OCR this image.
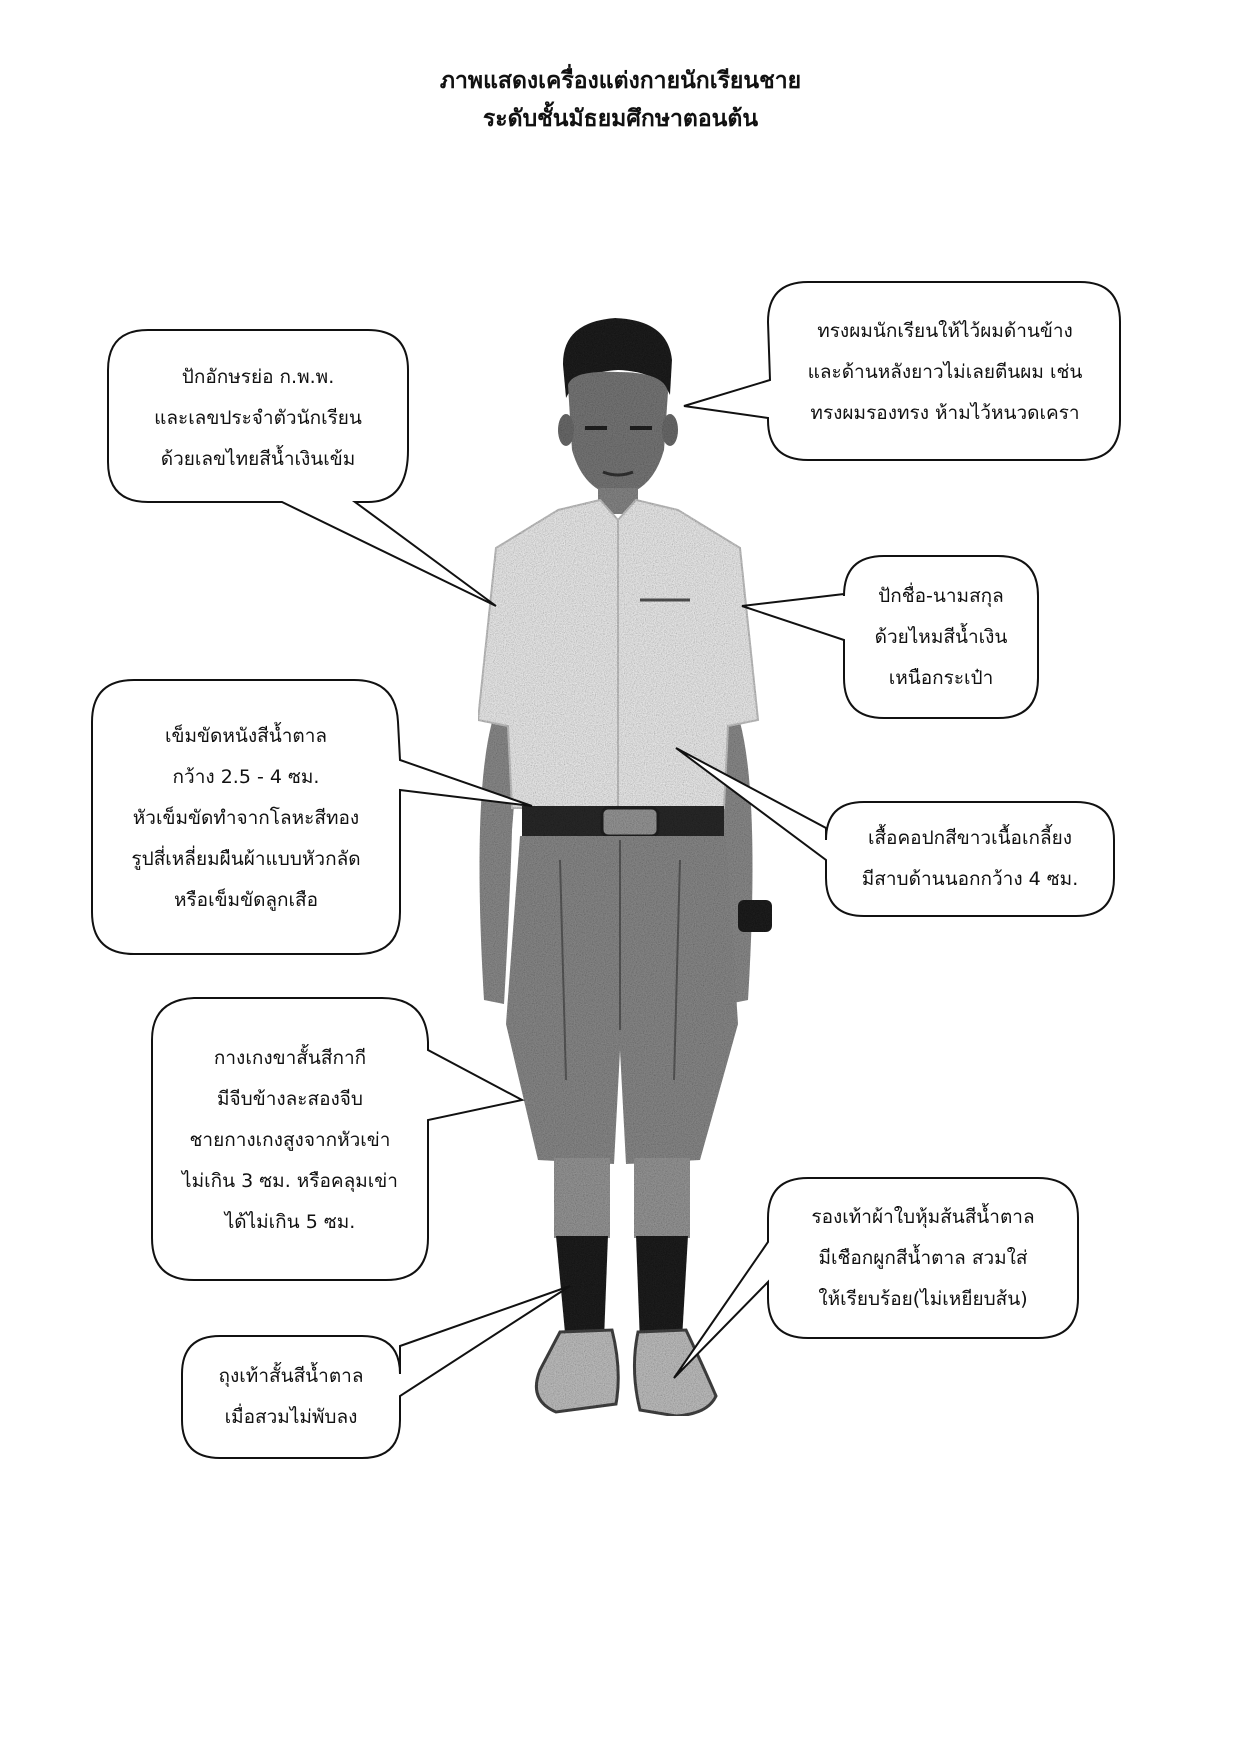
ภาพแสดงเครื่องแต่งกายนักเรียนชาย
ระดับชั้นมัธยมศึกษาตอนต้น
ทรงผมนักเรียนให้ไว้ผมด้านข้าง
และด้านหลังยาวไม่เลยตีนผม เช่น
ทรงผมรองทรง ห้ามไว้หนวดเครา
ปักอักษรย่อ ก.พ.พ.
และเลขประจำตัวนักเรียน
ด้วยเลขไทยสีน้ำเงินเข้ม
ปักชื่อ-นามสกุล
ด้วยไหมสีน้ำเงิน
เหนือกระเป๋า
เข็มขัดหนังสีน้ำตาล
กว้าง 2.5 - 4 ซม.
หัวเข็มขัดทำจากโลหะสีทอง
รูปสี่เหลี่ยมผืนผ้าแบบหัวกลัด
หรือเข็มขัดลูกเสือ
เสื้อคอปกสีขาวเนื้อเกลี้ยง
มีสาบด้านนอกกว้าง 4 ซม.
กางเกงขาสั้นสีกากี
มีจีบข้างละสองจีบ
ชายกางเกงสูงจากหัวเข่า
ไม่เกิน 3 ซม. หรือคลุมเข่า
ได้ไม่เกิน 5 ซม.	รองเท้าผ้าใบหุ้มส้นสีน้ำตาล
มีเชือกผูกสีน้ำตาล สวมใส่
ให้เรียบร้อย(ไม่เหยียบส้น)
ถุงเท้าสั้นสีน้ำตาล
เมื่อสวมไม่พับลง
